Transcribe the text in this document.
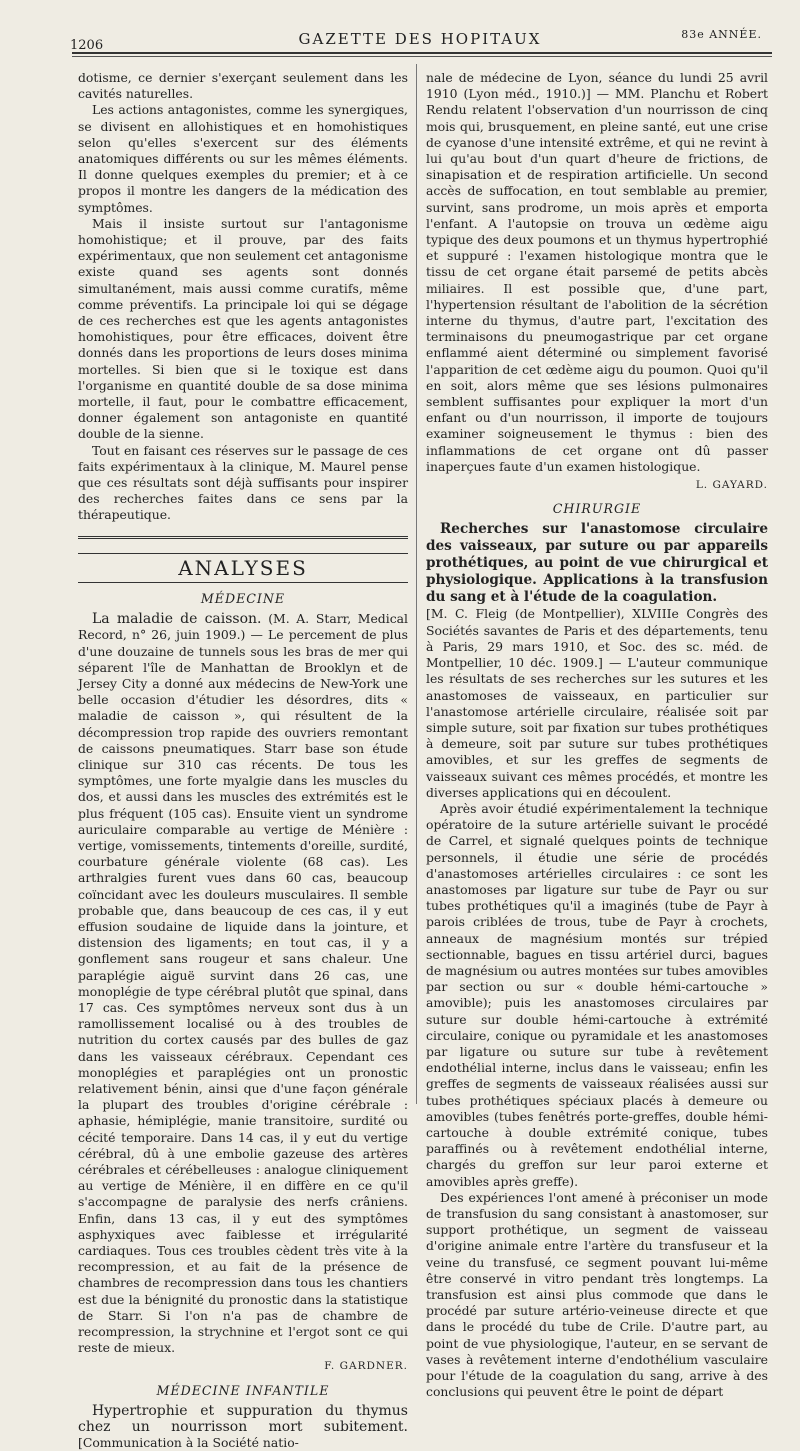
1206	GAZETTE DES HOPITAUX	83e ANNÉE.

dotisme, ce dernier s'exerçant seulement dans les cavités naturelles.

Les actions antagonistes, comme les synergiques, se divisent en allohistiques et en homohistiques selon qu'elles s'exercent sur des éléments anatomiques différents ou sur les mêmes éléments. Il donne quelques exemples du premier; et à ce propos il montre les dangers de la médication des symptômes.

Mais il insiste surtout sur l'antagonisme homohistique; et il prouve, par des faits expérimentaux, que non seulement cet antagonisme existe quand ses agents sont donnés simultanément, mais aussi comme curatifs, même comme préventifs. La principale loi qui se dégage de ces recherches est que les agents antagonistes homohistiques, pour être efficaces, doivent être donnés dans les proportions de leurs doses minima mortelles. Si bien que si le toxique est dans l'organisme en quantité double de sa dose minima mortelle, il faut, pour le combattre efficacement, donner également son antagoniste en quantité double de la sienne.

Tout en faisant ces réserves sur le passage de ces faits expérimentaux à la clinique, M. Maurel pense que ces résultats sont déjà suffisants pour inspirer des recherches faites dans ce sens par la thérapeutique.

ANALYSES
MÉDECINE

La maladie de caisson. (M. A. Starr, Medical Record, n° 26, juin 1909.) — Le percement de plus d'une douzaine de tunnels sous les bras de mer qui séparent l'île de Manhattan de Brooklyn et de Jersey City a donné aux médecins de New-York une belle occasion d'étudier les désordres, dits « maladie de caisson », qui résultent de la décompression trop rapide des ouvriers remontant de caissons pneumatiques. Starr base son étude clinique sur 310 cas récents. De tous les symptômes, une forte myalgie dans les muscles du dos, et aussi dans les muscles des extrémités est le plus fréquent (105 cas). Ensuite vient un syndrome auriculaire comparable au vertige de Ménière : vertige, vomissements, tintements d'oreille, surdité, courbature générale violente (68 cas). Les arthralgies furent vues dans 60 cas, beaucoup coïncidant avec les douleurs musculaires. Il semble probable que, dans beaucoup de ces cas, il y eut effusion soudaine de liquide dans la jointure, et distension des ligaments; en tout cas, il y a gonflement sans rougeur et sans chaleur. Une paraplégie aiguë survint dans 26 cas, une monoplégie de type cérébral plutôt que spinal, dans 17 cas. Ces symptômes nerveux sont dus à un ramollissement localisé ou à des troubles de nutrition du cortex causés par des bulles de gaz dans les vaisseaux cérébraux. Cependant ces monoplégies et paraplégies ont un pronostic relativement bénin, ainsi que d'une façon générale la plupart des troubles d'origine cérébrale : aphasie, hémiplégie, manie transitoire, surdité ou cécité temporaire. Dans 14 cas, il y eut du vertige cérébral, dû à une embolie gazeuse des artères cérébrales et cérébelleuses : analogue cliniquement au vertige de Ménière, il en diffère en ce qu'il s'accompagne de paralysie des nerfs crâniens. Enfin, dans 13 cas, il y eut des symptômes asphyxiques avec faiblesse et irrégularité cardiaques. Tous ces troubles cèdent très vite à la recompression, et au fait de la présence de chambres de recompression dans tous les chantiers est due la bénignité du pronostic dans la statistique de Starr. Si l'on n'a pas de chambre de recompression, la strychnine et l'ergot sont ce qui reste de mieux.

F. GARDNER.
MÉDECINE INFANTILE

Hypertrophie et suppuration du thymus chez un nourrisson mort subitement. [Communication à la Société natio-

nale de médecine de Lyon, séance du lundi 25 avril 1910 (Lyon méd., 1910.)] — MM. Planchu et Robert Rendu relatent l'observation d'un nourrisson de cinq mois qui, brusquement, en pleine santé, eut une crise de cyanose d'une intensité extrême, et qui ne revint à lui qu'au bout d'un quart d'heure de frictions, de sinapisation et de respiration artificielle. Un second accès de suffocation, en tout semblable au premier, survint, sans prodrome, un mois après et emporta l'enfant. A l'autopsie on trouva un œdème aigu typique des deux poumons et un thymus hypertrophié et suppuré : l'examen histologique montra que le tissu de cet organe était parsemé de petits abcès miliaires. Il est possible que, d'une part, l'hypertension résultant de l'abolition de la sécrétion interne du thymus, d'autre part, l'excitation des terminaisons du pneumogastrique par cet organe enflammé aient déterminé ou simplement favorisé l'apparition de cet œdème aigu du poumon. Quoi qu'il en soit, alors même que ses lésions pulmonaires semblent suffisantes pour expliquer la mort d'un enfant ou d'un nourrisson, il importe de toujours examiner soigneusement le thymus : bien des inflammations de cet organe ont dû passer inaperçues faute d'un examen histologique.

L. GAYARD.
CHIRURGIE

Recherches sur l'anastomose circulaire des vaisseaux, par suture ou par appareils prothétiques, au point de vue chirurgical et physiologique. Applications à la transfusion du sang et à l'étude de la coagulation.

[M. C. Fleig (de Montpellier), XLVIIIe Congrès des Sociétés savantes de Paris et des départements, tenu à Paris, 29 mars 1910, et Soc. des sc. méd. de Montpellier, 10 déc. 1909.] — L'auteur communique les résultats de ses recherches sur les sutures et les anastomoses de vaisseaux, en particulier sur l'anastomose artérielle circulaire, réalisée soit par simple suture, soit par fixation sur tubes prothétiques à demeure, soit par suture sur tubes prothétiques amovibles, et sur les greffes de segments de vaisseaux suivant ces mêmes procédés, et montre les diverses applications qui en découlent.

Après avoir étudié expérimentalement la technique opératoire de la suture artérielle suivant le procédé de Carrel, et signalé quelques points de technique personnels, il étudie une série de procédés d'anastomoses artérielles circulaires : ce sont les anastomoses par ligature sur tube de Payr ou sur tubes prothétiques qu'il a imaginés (tube de Payr à parois criblées de trous, tube de Payr à crochets, anneaux de magnésium montés sur trépied sectionnable, bagues en tissu artériel durci, bagues de magnésium ou autres montées sur tubes amovibles par section ou sur « double hémi-cartouche » amovible); puis les anastomoses circulaires par suture sur double hémi-cartouche à extrémité circulaire, conique ou pyramidale et les anastomoses par ligature ou suture sur tube à revêtement endothélial interne, inclus dans le vaisseau; enfin les greffes de segments de vaisseaux réalisées aussi sur tubes prothétiques spéciaux placés à demeure ou amovibles (tubes fenêtrés porte-greffes, double hémi-cartouche à double extrémité conique, tubes paraffinés ou à revêtement endothélial interne, chargés du greffon sur leur paroi externe et amovibles après greffe).

Des expériences l'ont amené à préconiser un mode de transfusion du sang consistant à anastomoser, sur support prothétique, un segment de vaisseau d'origine animale entre l'artère du transfuseur et la veine du transfusé, ce segment pouvant lui-même être conservé in vitro pendant très longtemps. La transfusion est ainsi plus commode que dans le procédé par suture artério-veineuse directe et que dans le procédé du tube de Crile. D'autre part, au point de vue physiologique, l'auteur, en se servant de vases à revêtement interne d'endothélium vasculaire pour l'étude de la coagulation du sang, arrive à des conclusions qui peuvent être le point de départ
